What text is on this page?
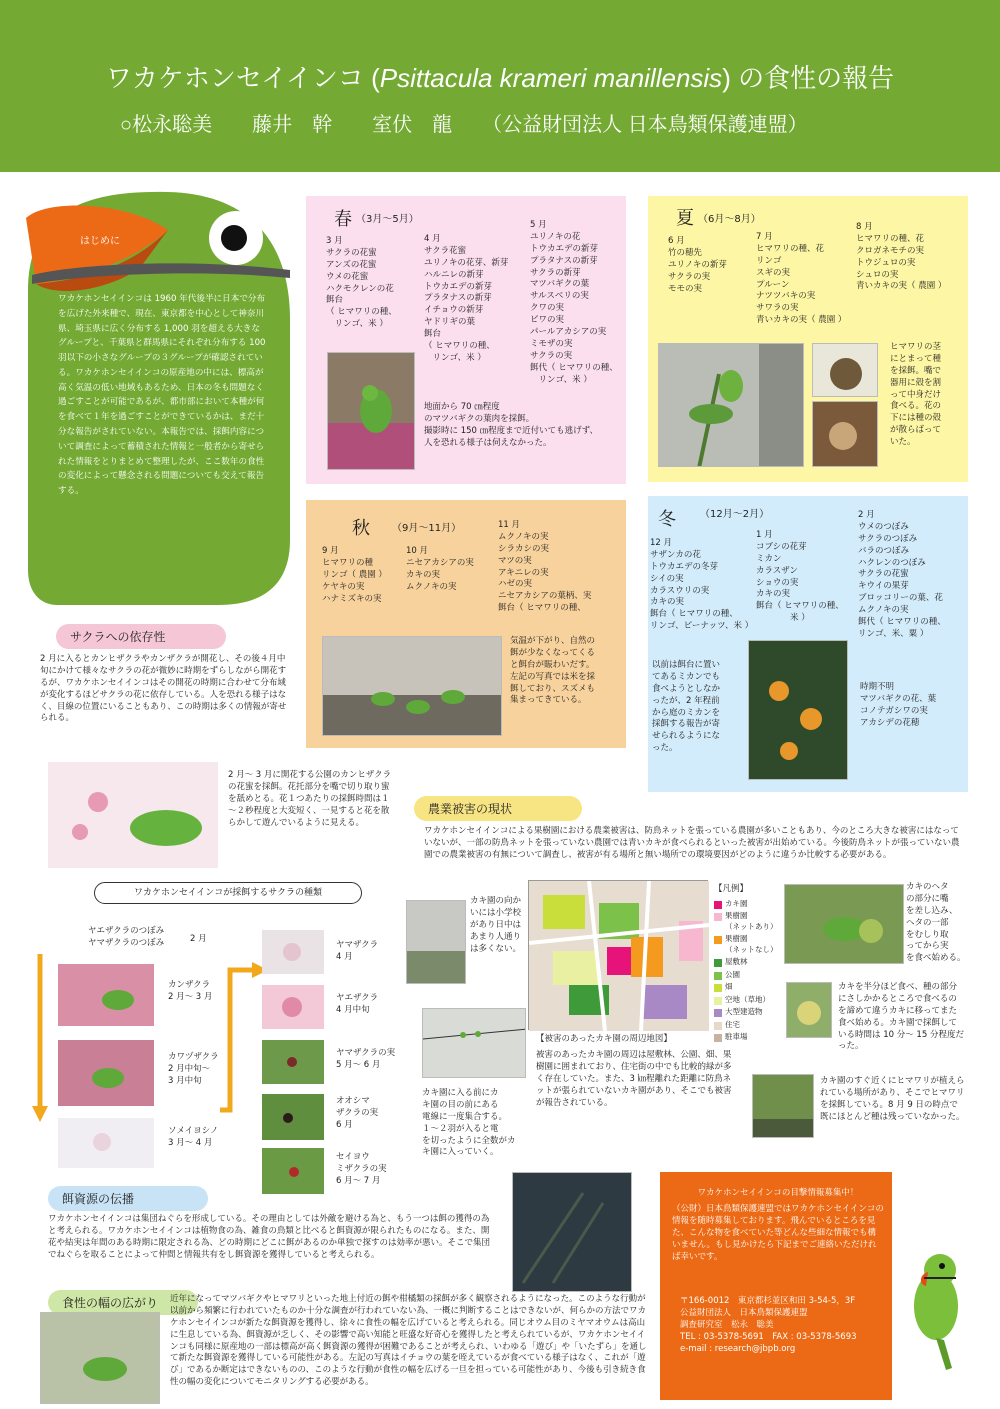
ワカケホンセイインコ (Psittacula krameri manillensis) の食性の報告
○松永聡美　　藤井　幹　　室伏　龍　　（公益財団法人 日本鳥類保護連盟）
はじめに
ワカケホンセイインコは 1960 年代後半に日本で分布を広げた外来種で、現在、東京都を中心として神奈川県、埼玉県に広く分布する 1,000 羽を超える大きなグループと、千葉県と群馬県にそれぞれ分布する 100 羽以下の小さなグループの３グループが確認されている。ワカケホンセイインコの原産地の中には、標高が高く気温の低い地域もあるため、日本の冬も問題なく過ごすことが可能であるが、都市部において本種が何を食べて１年を過ごすことができているかは、まだ十分な報告がされていない。本報告では、採餌内容について調査によって蓄積された情報と一般者から寄せられた情報をとりまとめて整理したが、ここ数年の食性の変化によって懸念される問題についても交えて報告する。
春 （3月～5月）
3 月
サクラの花蜜
アンズの花蜜
ウメの花蜜
ハクモクレンの花
餌台
（ ヒマワリの種、
　リンゴ、米 ）
4 月
サクラ花蜜
ユリノキの花芽、新芽
ハルニレの新芽
トウカエデの新芽
プラタナスの新芽
イチョウの新芽
ヤドリギの葉
餌台
（ ヒマワリの種、
　リンゴ、米 ）
5 月
ユリノキの花
トウカエデの新芽
プラタナスの新芽
サクラの新芽
マツバギクの葉
サルスベリの実
クワの実
ビワの実
パールアカシアの実
ミモザの実
サクラの実
餌代（ ヒマワリの種、
　リンゴ、米 ）
地面から 70 ㎝程度
のマツバギクの葉肉を採餌。
撮影時に 150 ㎝程度まで近付いても逃げず、
人を恐れる様子は伺えなかった。
夏 （6月～8月）
6 月
竹の穂先
ユリノキの新芽
サクラの実
モモの実
7 月
ヒマワリの種、花
リンゴ
スギの実
プルーン
ナツツバキの実
サワラの実
青いカキの実（ 農園 ）
8 月
ヒマワリの種、花
クロガネモチの実
トウジュロの実
シュロの実
青いカキの実（ 農園 ）
ヒマワリの茎
にとまって種
を採餌。嘴で
器用に殻を割
って中身だけ
食べる。花の
下には種の殻
が散らばって
いた。
秋 （9月～11月）
9 月
ヒマワリの種
リンゴ（ 農園 ）
ケヤキの実
ハナミズキの実
10 月
ニセアカシアの実
カキの実
ムクノキの実
11 月
ムクノキの実
シラカシの実
マツの実
アキニレの実
ハゼの実
ニセアカシアの葉柄、実
餌台（ ヒマワリの種、
気温が下がり、自然の
餌が少なくなってくる
と餌台が賑わいだす。
左記の写真では米を採
餌しており、スズメも
集まってきている。
冬 （12月～2月）
12 月
サザンカの花
トウカエデの冬芽
シイの実
カラスウリの実
カキの実
餌台（ ヒマワリの種、
リンゴ、ピーナッツ、米 ）
1 月
コブシの花芽
ミカン
カラスザン
ショウの実
カキの実
餌台（ ヒマワリの種、
　　　　米 ）
2 月
ウメのつぼみ
サクラのつぼみ
バラのつぼみ
ハクレンのつぼみ
サクラの花蜜
キウイの果芽
ブロッコリーの葉、花
ムクノキの実
餌代（ ヒマワリの種、
リンゴ、米、粟 ）
以前は餌台に置い
てあるミカンでも
食べようとしなか
ったが、2 年程前
から庭のミカンを
採餌する報告が寄
せられるようにな
った。
時期不明
マツバギクの花、葉
コノテガシワの実
アカシデの花穂
サクラへの依存性
2 月に入るとカンヒザクラやカンザクラが開花し、その後４月中旬にかけて様々なサクラの花が微妙に時期をずらしながら開花するが、ワカケホンセイインコはその開花の時期に合わせて分布域が変化するほどサクラの花に依存している。人を恐れる様子はなく、目線の位置にいることもあり、この時期は多くの情報が寄せられる。
2 月～ 3 月に開花する公園のカンヒザクラの花蜜を採餌。花托部分を嘴で切り取り蜜を舐めとる。花１つあたりの採餌時間は１～２秒程度と大変短く、一見すると花を散らかして遊んでいるように見える。
ワカケホンセイインコが採餌するサクラの種類
ヤエザクラのつぼみ
ヤマザクラのつぼみ	2 月
カンザクラ
2 月～ 3 月
カワヅザクラ
2 月中旬～
3 月中旬
ソメイヨシノ
3 月～ 4 月
ヤマザクラ
4 月
ヤエザクラ
4 月中旬
ヤマザクラの実
5 月～ 6 月
オオシマ
ザクラの実
6 月
セイヨウ
ミザクラの実
6 月～ 7 月
農業被害の現状
ワカケホンセイインコによる果樹園における農業被害は、防鳥ネットを張っている農園が多いこともあり、今のところ大きな被害にはなっていないが、一部の防鳥ネットを張っていない農園では青いカキが食べられるといった被害が出始めている。今後防鳥ネットが張っていない農園での農業被害の有無について調査し、被害が有る場所と無い場所での環境要因がどのように違うか比較する必要がある。
カキ園の向か
いには小学校
があり日中は
あまり人通り
は多くない。
【凡例】
カキ園
果樹園
（ネットあり）
果樹園
（ネットなし）
屋敷林
公園
畑
空地（草地）
大型建造物
住宅
駐車場
カキのヘタ
の部分に嘴
を差し込み、
ヘタの一部
をむしり取
ってから実
を食べ始める。
カキ園に入る前にカ
キ園の目の前にある
電線に一度集合する。
１～２羽が入ると電
を切ったように全数がカ
キ園に入っていく。
【被害のあったカキ園の周辺地図】
被害のあったカキ園の周辺は屋敷林、公園、畑、果樹園に囲まれており、住宅街の中でも比較的緑が多く存在していた。また、3 ㎞程離れた距離に防鳥ネットが張られていないカキ園があり、そこでも被害が報告されている。
カキを半分ほど食べ、種の部分にさしかかるところで食べるのを諦めて違うカキに移ってまた食べ始める。カキ園で採餌している時間は 10 分～ 15 分程度だった。
カキ園のすぐ近くにヒマワリが植えられている場所があり、そこでヒマワリを採餌している。8 月 9 日の時点で既にほとんど種は残っていなかった。
餌資源の伝播
ワカケホンセイインコは集団ねぐらを形成している。その理由としては外敵を避ける為と、もう一つは餌の獲得の為と考えられる。ワカケホンセイインコは植物食の為、雑食の鳥類と比べると餌資源が限られたものになる。また、開花や結実は年間のある時期に限定される為、どの時期にどこに餌があるのか単独で探すのは効率が悪い。そこで集団でねぐらを取ることによって仲間と情報共有をし餌資源を獲得していると考えられる。
ワカケホンセイインコの目撃情報募集中！
（公財）日本鳥類保護連盟ではワカケホンセイインコの情報を随時募集しております。飛んでいるところを見た、こんな物を食べていた等どんな些細な情報でも構いません。もし見かけたら下記までご連絡いただければ幸いです。
〒166-0012　東京都杉並区和田 3-54-5，3F
公益財団法人　日本鳥類保護連盟
調査研究室　松永　聡美
TEL : 03-5378-5691　FAX : 03-5378-5693
e-mail : research@jbpb.org
食性の幅の広がり	近年になってマツバギクやヒマワリといった地上付近の餌や柑橘類の採餌が多く観察されるようになった。このような行動が以前から頻繁に行われていたものか十分な調査が行われていない為、一概に判断することはできないが、何らかの方法でワカケホンセイインコが新たな餌資源を獲得し、徐々に食性の幅を広げていると考えられる。同じオウム目のミヤマオウムは高山に生息している為、餌資源が乏しく、その影響で高い知能と旺盛な好奇心を獲得したと考えられているが、ワカケホンセイインコも同様に原産地の一部は標高が高く餌資源の獲得が困難であることが考えられ、いわゆる「遊び」や「いたずら」を通して新たな餌資源を獲得している可能性がある。左記の写真はイチョウの葉を咥えているが食べている様子はなく、これが「遊び」であるか断定はできないものの、このような行動が食性の幅を広げる一旦を担っている可能性があり、今後も引き続き食性の幅の変化についてモニタリングする必要がある。
